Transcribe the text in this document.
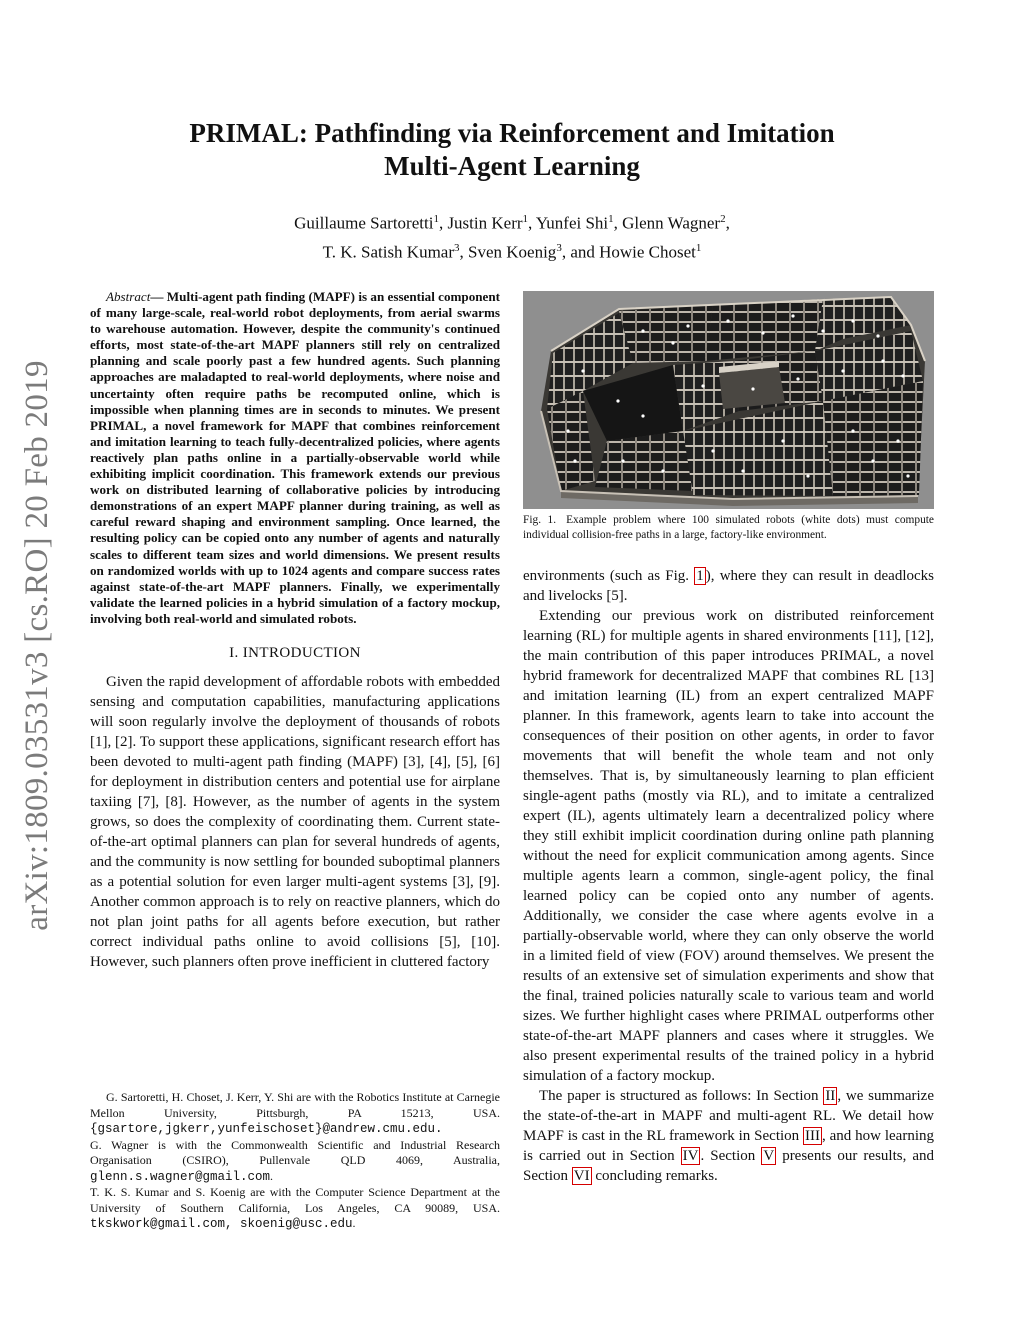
arXiv:1809.03531v3 [cs.RO] 20 Feb 2019
PRIMAL: Pathfinding via Reinforcement and Imitation
Multi-Agent Learning
Guillaume Sartoretti$^1$, Justin Kerr$^1$, Yunfei Shi$^1$, Glenn Wagner$^2$,
T. K. Satish Kumar$^3$, Sven Koenig$^3$, and Howie Choset$^1$

Abstract— Multi-agent path finding (MAPF) is an essential component of many large-scale, real-world robot deployments, from aerial swarms to warehouse automation. However, despite the community's continued efforts, most state-of-the-art MAPF planners still rely on centralized planning and scale poorly past a few hundred agents. Such planning approaches are maladapted to real-world deployments, where noise and uncertainty often require paths be recomputed online, which is impossible when planning times are in seconds to minutes. We present PRIMAL, a novel framework for MAPF that combines reinforcement and imitation learning to teach fully-decentralized policies, where agents reactively plan paths online in a partially-observable world while exhibiting implicit coordination. This framework extends our previous work on distributed learning of collaborative policies by introducing demonstrations of an expert MAPF planner during training, as well as careful reward shaping and environment sampling. Once learned, the resulting policy can be copied onto any number of agents and naturally scales to different team sizes and world dimensions. We present results on randomized worlds with up to 1024 agents and compare success rates against state-of-the-art MAPF planners. Finally, we experimentally validate the learned policies in a hybrid simulation of a factory mockup, involving both real-world and simulated robots.

I. INTRODUCTION

Given the rapid development of affordable robots with embedded sensing and computation capabilities, manufacturing applications will soon regularly involve the deployment of thousands of robots [1], [2]. To support these applications, significant research effort has been devoted to multi-agent path finding (MAPF) [3], [4], [5], [6] for deployment in distribution centers and potential use for airplane taxiing [7], [8]. However, as the number of agents in the system grows, so does the complexity of coordinating them. Current state-of-the-art optimal planners can plan for several hundreds of agents, and the community is now settling for bounded suboptimal planners as a potential solution for even larger multi-agent systems [3], [9]. Another common approach is to rely on reactive planners, which do not plan joint paths for all agents before execution, but rather correct individual paths online to avoid collisions [5], [10]. However, such planners often prove inefficient in cluttered factory

G. Sartoretti, H. Choset, J. Kerr, Y. Shi are with the Robotics Institute at Carnegie Mellon University, Pittsburgh, PA 15213, USA. {gsartore,jgkerr,yunfeischoset}@andrew.cmu.edu.

G. Wagner is with the Commonwealth Scientific and Industrial Research Organisation (CSIRO), Pullenvale QLD 4069, Australia, glenn.s.wagner@gmail.com.

T. K. S. Kumar and S. Koenig are with the Computer Science Department at the University of Southern California, Los Angeles, CA 90089, USA. tkskwork@gmail.com, skoenig@usc.edu.

Fig. 1. Example problem where 100 simulated robots (white dots) must compute individual collision-free paths in a large, factory-like environment.

environments (such as Fig. 1 ), where they can result in deadlocks and livelocks [5].

Extending our previous work on distributed reinforcement learning (RL) for multiple agents in shared environments [11], [12], the main contribution of this paper introduces PRIMAL, a novel hybrid framework for decentralized MAPF that combines RL [13] and imitation learning (IL) from an expert centralized MAPF planner. In this framework, agents learn to take into account the consequences of their position on other agents, in order to favor movements that will benefit the whole team and not only themselves. That is, by simultaneously learning to plan efficient single-agent paths (mostly via RL), and to imitate a centralized expert (IL), agents ultimately learn a decentralized policy where they still exhibit implicit coordination during online path planning without the need for explicit communication among agents. Since multiple agents learn a common, single-agent policy, the final learned policy can be copied onto any number of agents. Additionally, we consider the case where agents evolve in a partially-observable world, where they can only observe the world in a limited field of view (FOV) around themselves. We present the results of an extensive set of simulation experiments and show that the final, trained policies naturally scale to various team and world sizes. We further highlight cases where PRIMAL outperforms other state-of-the-art MAPF planners and cases where it struggles. We also present experimental results of the trained policy in a hybrid simulation of a factory mockup.

The paper is structured as follows: In Section II , we summarize the state-of-the-art in MAPF and multi-agent RL. We detail how MAPF is cast in the RL framework in Section III , and how learning is carried out in Section IV . Section V presents our results, and Section VI concluding remarks.
